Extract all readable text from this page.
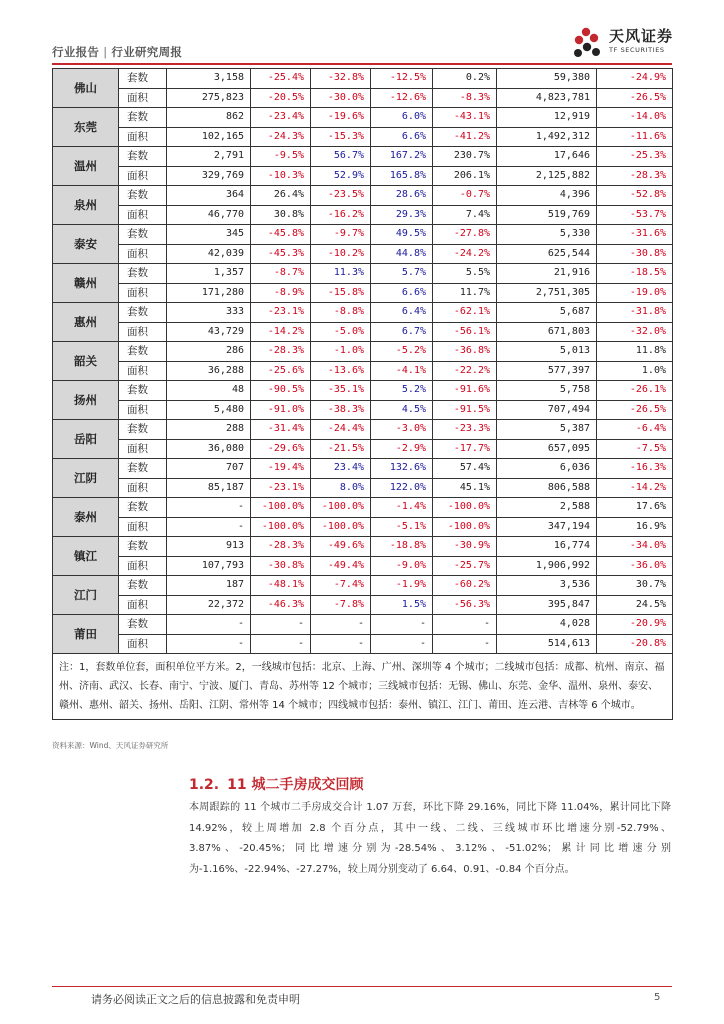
行业报告 | 行业研究周报
天风证券
TF SECURITIES
佛山	套数	3,158	-25.4%	-32.8%	-12.5%	0.2%	59,380	-24.9%
	面积	275,823	-20.5%	-30.0%	-12.6%	-8.3%	4,823,781	-26.5%
东莞	套数	862	-23.4%	-19.6%	6.0%	-43.1%	12,919	-14.0%
	面积	102,165	-24.3%	-15.3%	6.6%	-41.2%	1,492,312	-11.6%
温州	套数	2,791	-9.5%	56.7%	167.2%	230.7%	17,646	-25.3%
	面积	329,769	-10.3%	52.9%	165.8%	206.1%	2,125,882	-28.3%
泉州	套数	364	26.4%	-23.5%	28.6%	-0.7%	4,396	-52.8%
	面积	46,770	30.8%	-16.2%	29.3%	7.4%	519,769	-53.7%
泰安	套数	345	-45.8%	-9.7%	49.5%	-27.8%	5,330	-31.6%
	面积	42,039	-45.3%	-10.2%	44.8%	-24.2%	625,544	-30.8%
赣州	套数	1,357	-8.7%	11.3%	5.7%	5.5%	21,916	-18.5%
	面积	171,280	-8.9%	-15.8%	6.6%	11.7%	2,751,305	-19.0%
惠州	套数	333	-23.1%	-8.8%	6.4%	-62.1%	5,687	-31.8%
	面积	43,729	-14.2%	-5.0%	6.7%	-56.1%	671,803	-32.0%
韶关	套数	286	-28.3%	-1.0%	-5.2%	-36.8%	5,013	11.8%
	面积	36,288	-25.6%	-13.6%	-4.1%	-22.2%	577,397	1.0%
扬州	套数	48	-90.5%	-35.1%	5.2%	-91.6%	5,758	-26.1%
	面积	5,480	-91.0%	-38.3%	4.5%	-91.5%	707,494	-26.5%
岳阳	套数	288	-31.4%	-24.4%	-3.0%	-23.3%	5,387	-6.4%
	面积	36,080	-29.6%	-21.5%	-2.9%	-17.7%	657,095	-7.5%
江阴	套数	707	-19.4%	23.4%	132.6%	57.4%	6,036	-16.3%
	面积	85,187	-23.1%	8.0%	122.0%	45.1%	806,588	-14.2%
泰州	套数	-	-100.0%	-100.0%	-1.4%	-100.0%	2,588	17.6%
	面积	-	-100.0%	-100.0%	-5.1%	-100.0%	347,194	16.9%
镇江	套数	913	-28.3%	-49.6%	-18.8%	-30.9%	16,774	-34.0%
	面积	107,793	-30.8%	-49.4%	-9.0%	-25.7%	1,906,992	-36.0%
江门	套数	187	-48.1%	-7.4%	-1.9%	-60.2%	3,536	30.7%
	面积	22,372	-46.3%	-7.8%	1.5%	-56.3%	395,847	24.5%
莆田	套数	-	-	-	-	-	4,028	-20.9%
	面积	-	-	-	-	-	514,613	-20.8%
注：1，套数单位套，面积单位平方米。2，一线城市包括：北京、上海、广州、深圳等 4 个城市；二线城市包括：成都、杭州、南京、福州、济南、武汉、长春、南宁、宁波、厦门、青岛、苏州等 12 个城市；三线城市包括：无锡、佛山、东莞、金华、温州、泉州、泰安、赣州、惠州、韶关、扬州、岳阳、江阴、常州等 14 个城市；四线城市包括：泰州、镇江、江门、莆田、连云港、吉林等 6 个城市。								
资料来源：Wind、天风证券研究所
1.2. 11 城二手房成交回顾
本周跟踪的 11 个城市二手房成交合计 1.07 万套，环比下降 29.16%，同比下降 11.04%，累计同比下降 14.92%，较上周增加 2.8 个百分点，其中一线、二线、三线城市环比增速分别-52.79%、3.87%、-20.45%；同比增速分别为-28.54%、3.12%、-51.02%；累计同比增速分别为-1.16%、-22.94%、-27.27%，较上周分别变动了 6.64、0.91、-0.84 个百分点。
请务必阅读正文之后的信息披露和免责申明	5
